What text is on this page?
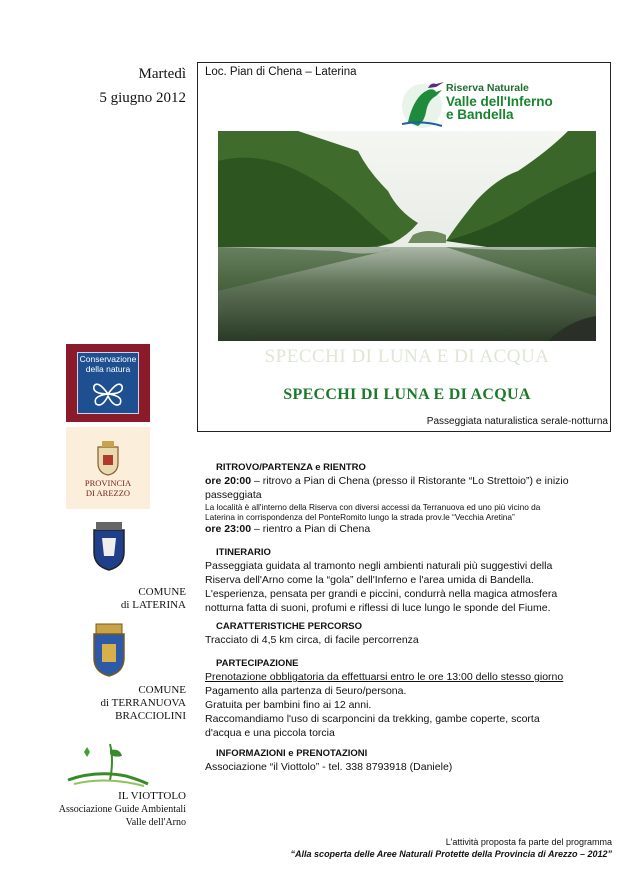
Martedì
5 giugno 2012
Loc. Pian di Chena – Laterina
Riserva Naturale
Valle dell'Inferno
e Bandella
SPECCHI DI LUNA E DI ACQUA
SPECCHI DI LUNA E DI ACQUA
Passeggiata naturalistica serale-notturna
Conservazione
della natura
PROVINCIA
DI AREZZO
COMUNE
di LATERINA
COMUNE
di TERRANUOVA
BRACCIOLINI
IL VIOTTOLO
Associazione Guide Ambientali
Valle dell'Arno
RITROVO/PARTENZA e RIENTRO
ore 20:00 – ritrovo a Pian di Chena (presso il Ristorante “Lo Strettoio”) e inizio
passeggiata
La località è all'interno della Riserva con diversi accessi da Terranuova ed uno più vicino da
Laterina in corrispondenza del PonteRomito lungo la strada prov.le “Vecchia Aretina”
ore 23:00 – rientro a Pian di Chena
ITINERARIO
Passeggiata guidata al tramonto negli ambienti naturali più suggestivi della
Riserva dell'Arno come la “gola” dell'Inferno e l'area umida di Bandella.
L'esperienza, pensata per grandi e piccini, condurrà nella magica atmosfera
notturna fatta di suoni, profumi e riflessi di luce lungo le sponde del Fiume.
CARATTERISTICHE PERCORSO
Tracciato di 4,5 km circa, di facile percorrenza
PARTECIPAZIONE
Prenotazione obbligatoria da effettuarsi entro le ore 13:00 dello stesso giorno
Pagamento alla partenza di 5euro/persona.
Gratuita per bambini fino ai 12 anni.
Raccomandiamo l'uso di scarponcini da trekking, gambe coperte, scorta
d'acqua e una piccola torcia
INFORMAZIONI e PRENOTAZIONI
Associazione “il Viottolo” - tel. 338 8793918 (Daniele)
L'attività proposta fa parte del programma
“Alla scoperta delle Aree Naturali Protette della Provincia di Arezzo – 2012”
